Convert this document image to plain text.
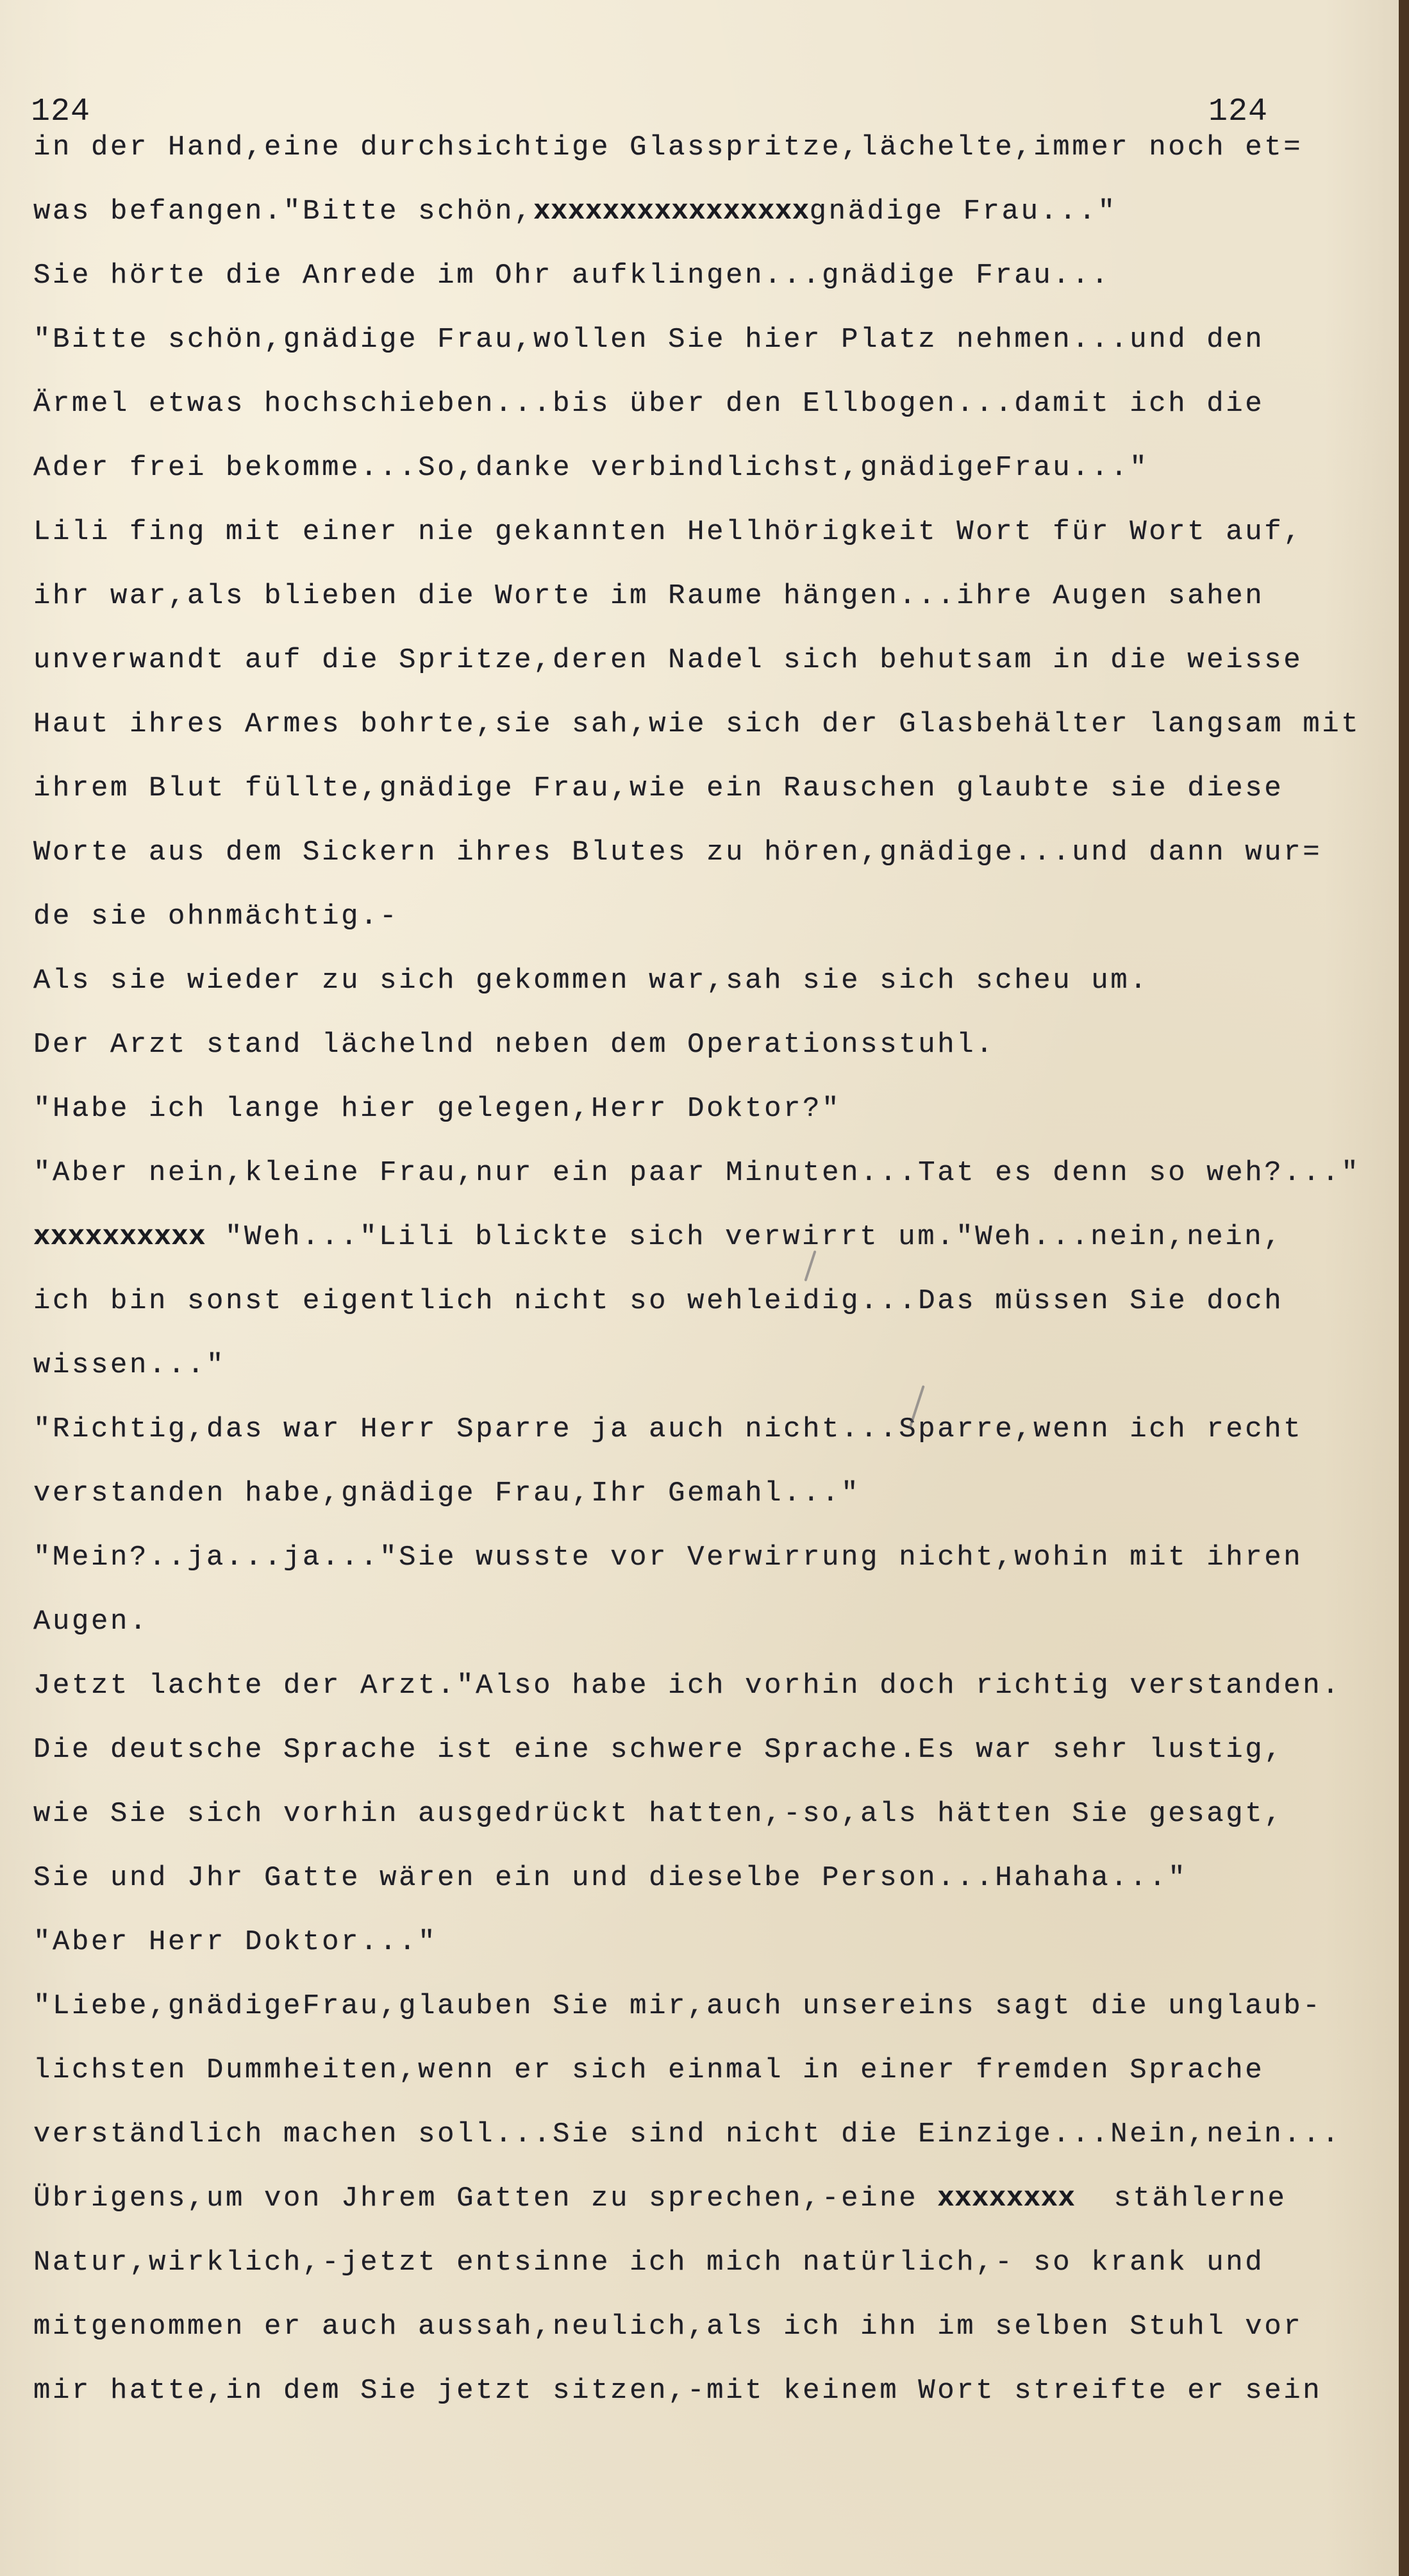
124	124
in der Hand,eine durchsichtige Glasspritze,lächelte,immer noch et=
was befangen."Bitte schön,xxxxxxxxxxxxxxxxgnädige Frau..."
Sie hörte die Anrede im Ohr aufklingen...gnädige Frau...
"Bitte schön,gnädige Frau,wollen Sie hier Platz nehmen...und den
Ärmel etwas hochschieben...bis über den Ellbogen...damit ich die
Ader frei bekomme...So,danke verbindlichst,gnädigeFrau..."
Lili fing mit einer nie gekannten Hellhörigkeit Wort für Wort auf,
ihr war,als blieben die Worte im Raume hängen...ihre Augen sahen
unverwandt auf die Spritze,deren Nadel sich behutsam in die weisse
Haut ihres Armes bohrte,sie sah,wie sich der Glasbehälter langsam mit
ihrem Blut füllte,gnädige Frau,wie ein Rauschen glaubte sie diese
Worte aus dem Sickern ihres Blutes zu hören,gnädige...und dann wur=
de sie ohnmächtig.-
Als sie wieder zu sich gekommen war,sah sie sich scheu um.
Der Arzt stand lächelnd neben dem Operationsstuhl.
"Habe ich lange hier gelegen,Herr Doktor?"
"Aber nein,kleine Frau,nur ein paar Minuten...Tat es denn so weh?..."
xxxxxxxxxx "Weh..."Lili blickte sich verwirrt um."Weh...nein,nein,
ich bin sonst eigentlich nicht so wehleidig...Das müssen Sie doch
wissen..."
"Richtig,das war Herr Sparre ja auch nicht...Sparre,wenn ich recht
verstanden habe,gnädige Frau,Ihr Gemahl..."
"Mein?..ja...ja..."Sie wusste vor Verwirrung nicht,wohin mit ihren
Augen.
Jetzt lachte der Arzt."Also habe ich vorhin doch richtig verstanden.
Die deutsche Sprache ist eine schwere Sprache.Es war sehr lustig,
wie Sie sich vorhin ausgedrückt hatten,-so,als hätten Sie gesagt,
Sie und Jhr Gatte wären ein und dieselbe Person...Hahaha..."
"Aber Herr Doktor..."
"Liebe,gnädigeFrau,glauben Sie mir,auch unsereins sagt die unglaub-
lichsten Dummheiten,wenn er sich einmal in einer fremden Sprache
verständlich machen soll...Sie sind nicht die Einzige...Nein,nein...
Übrigens,um von Jhrem Gatten zu sprechen,-eine xxxxxxxx  stählerne
Natur,wirklich,-jetzt entsinne ich mich natürlich,- so krank und
mitgenommen er auch aussah,neulich,als ich ihn im selben Stuhl vor
mir hatte,in dem Sie jetzt sitzen,-mit keinem Wort streifte er sein
